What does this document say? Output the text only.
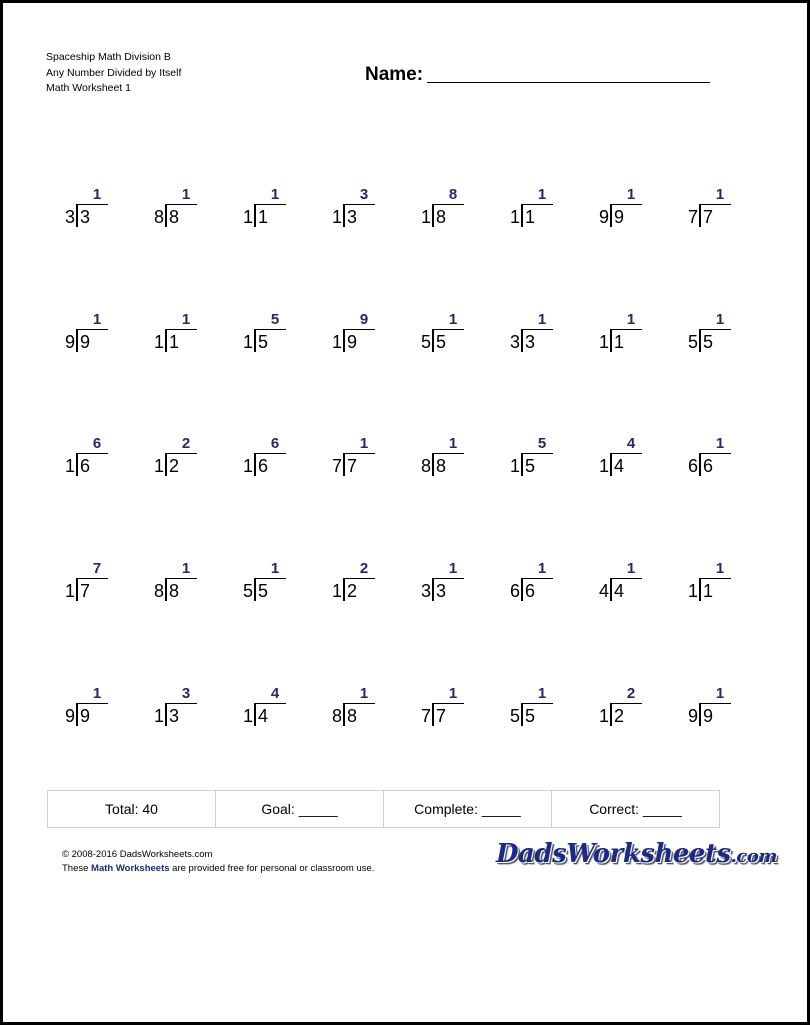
Spaceship Math Division B
Any Number Divided by Itself
Math Worksheet 1
Name:
1
3 3
1
8 8
1
1 1
3
1 3
8
1 8
1
1 1
1
9 9
1
7 7
1
9 9
1
1 1
5
1 5
9
1 9
1
5 5
1
3 3
1
1 1
1
5 5
6
1 6
2
1 2
6
1 6
1
7 7
1
8 8
5
1 5
4
1 4
1
6 6
7
1 7
1
8 8
1
5 5
2
1 2
1
3 3
1
6 6
1
4 4
1
1 1
1
9 9
3
1 3
4
1 4
1
8 8
1
7 7
1
5 5
2
1 2
1
9 9
Total: 40	Goal: _____	Complete: _____	Correct: _____
© 2008-2016 DadsWorksheets.com
These Math Worksheets are provided free for personal or classroom use.	DadsWorksheets.com
